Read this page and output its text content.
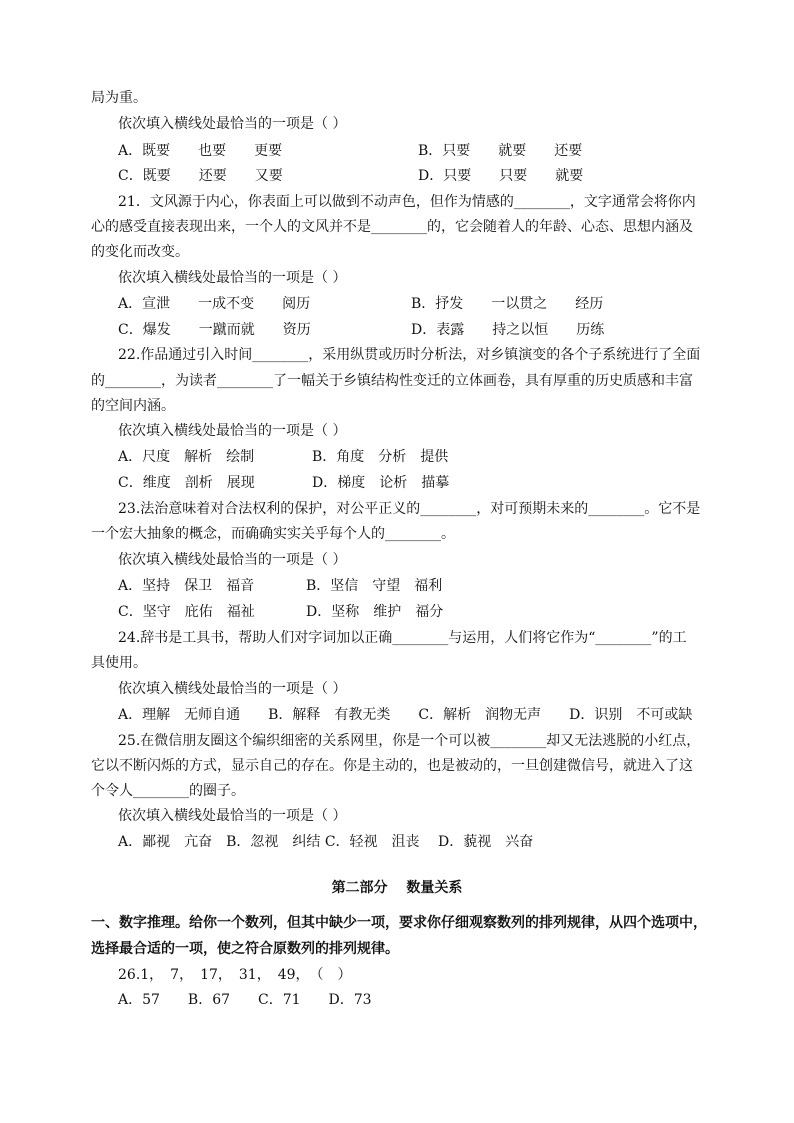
局为重。
依次填入横线处最恰当的一项是（ ）
A．既要　　也要　　更要	B．只要　　就要　　还要
C．既要　　还要　　又要	D．只要　　只要　　就要
21．文风源于内心，你表面上可以做到不动声色，但作为情感的________，文字通常会将你内
心的感受直接表现出来，一个人的文风并不是________的，它会随着人的年龄、心态、思想内涵及
的变化而改变。
依次填入横线处最恰当的一项是（ ）
A．宣泄　　一成不变　　阅历	B．抒发　　一以贯之　　经历
C．爆发　　一蹴而就　　资历	D．表露　　持之以恒　　历练
22.作品通过引入时间________，采用纵贯或历时分析法，对乡镇演变的各个子系统进行了全面
的________，为读者________了一幅关于乡镇结构性变迁的立体画卷，具有厚重的历史质感和丰富
的空间内涵。
依次填入横线处最恰当的一项是（ ）
A．尺度　解析　绘制	B．角度　分析　提供
C．维度　剖析　展现	D．梯度　论析　描摹
23.法治意味着对合法权利的保护，对公平正义的________，对可预期未来的________。它不是
一个宏大抽象的概念，而确确实实关乎每个人的________。
依次填入横线处最恰当的一项是（ ）
A．坚持　保卫　福音	B．坚信　守望　福利
C．坚守　庇佑　福祉	D．坚称　维护　福分
24.辞书是工具书，帮助人们对字词加以正确________与运用，人们将它作为“________”的工
具使用。
依次填入横线处最恰当的一项是（ ）
A．理解　无师自通　　B．解释　有教无类　　C．解析　润物无声　　D．识别　不可或缺
25.在微信朋友圈这个编织细密的关系网里，你是一个可以被________却又无法逃脱的小红点，
它以不断闪烁的方式，显示自己的存在。你是主动的，也是被动的，一旦创建微信号，就进入了这
个令人________的圈子。
依次填入横线处最恰当的一项是（ ）
A．鄙视　亢奋　B．忽视　纠结 C．轻视　沮丧　 D．藐视　兴奋
第二部分　 数量关系
一、数字推理。给你一个数列，但其中缺少一项，要求你仔细观察数列的排列规律，从四个选项中，
选择最合适的一项，使之符合原数列的排列规律。
26.1，　7，　17，　31，　49，　（　）
A．57　　B．67　　C．71　　D．73
